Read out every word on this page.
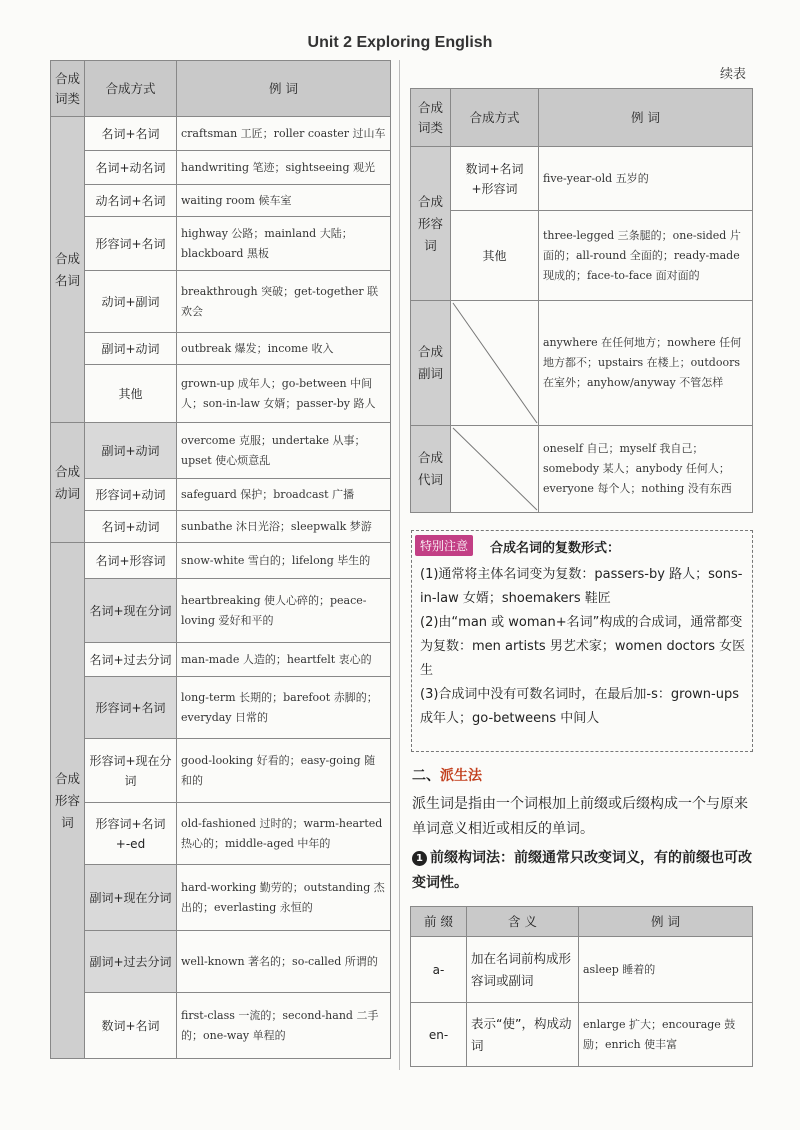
Unit 2 Exploring English
续表
合成词类	合成方式	例 词
合成名词	名词+名词	craftsman 工匠；roller coaster 过山车
	名词+动名词	handwriting 笔迹；sightseeing 观光
	动名词+名词	waiting room 候车室
	形容词+名词	highway 公路；mainland 大陆；blackboard 黑板
	动词+副词	breakthrough 突破；get-together 联欢会
	副词+动词	outbreak 爆发；income 收入
	其他	grown-up 成年人；go-between 中间人；son-in-law 女婿；passer-by 路人
合成动词	副词+动词	overcome 克服；undertake 从事；upset 使心烦意乱
	形容词+动词	safeguard 保护；broadcast 广播
	名词+动词	sunbathe 沐日光浴；sleepwalk 梦游
合成形容词	名词+形容词	snow-white 雪白的；lifelong 毕生的
	名词+现在分词	heartbreaking 使人心碎的；peace-loving 爱好和平的
	名词+过去分词	man-made 人造的；heartfelt 衷心的
	形容词+名词	long-term 长期的；barefoot 赤脚的；everyday 日常的
	形容词+现在分词	good-looking 好看的；easy-going 随和的
	形容词+名词+-ed	old-fashioned 过时的；warm-hearted 热心的；middle-aged 中年的
	副词+现在分词	hard-working 勤劳的；outstanding 杰出的；everlasting 永恒的
	副词+过去分词	well-known 著名的；so-called 所谓的
	数词+名词	first-class 一流的；second-hand 二手的；one-way 单程的
合成词类	合成方式	例 词
合成形容词	数词+名词+形容词	five-year-old 五岁的
	其他	three-legged 三条腿的；one-sided 片面的；all-round 全面的；ready-made 现成的；face-to-face 面对面的
合成副词		anywhere 在任何地方；nowhere 任何地方都不；upstairs 在楼上；outdoors 在室外；anyhow/anyway 不管怎样
合成代词		oneself 自己；myself 我自己；somebody 某人；anybody 任何人；everyone 每个人；nothing 没有东西
特别注意	合成名词的复数形式：

(1)通常将主体名词变为复数：passers-by 路人；sons-in-law 女婿；shoemakers 鞋匠

(2)由“man 或 woman+名词”构成的合成词，通常都变为复数：men artists 男艺术家；women doctors 女医生

(3)合成词中没有可数名词时，在最后加-s：grown-ups 成年人；go-betweens 中间人

二、派生法
派生词是指由一个词根加上前缀或后缀构成一个与原来单词意义相近或相反的单词。
1 前缀构词法：前缀通常只改变词义，有的前缀也可改变词性。
前 缀	含 义	例 词
a-	加在名词前构成形容词或副词	asleep 睡着的
en-	表示“使”，构成动词	enlarge 扩大；encourage 鼓励；enrich 使丰富
